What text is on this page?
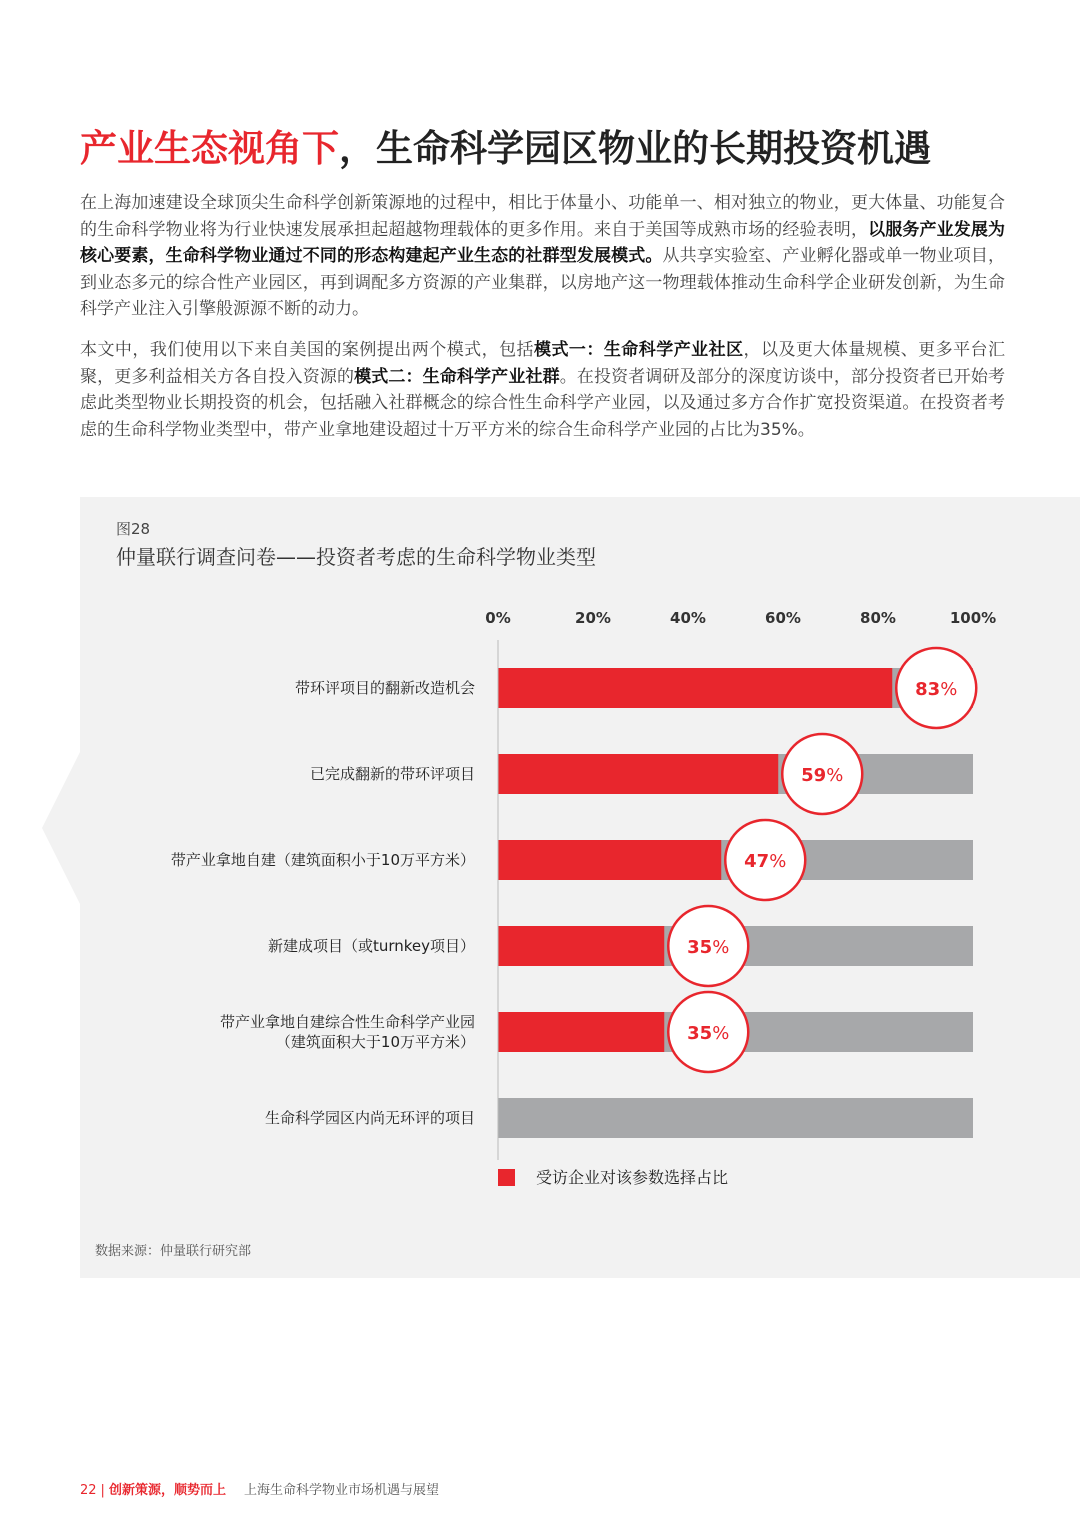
产业生态视角下，生命科学园区物业的长期投资机遇
在上海加速建设全球顶尖生命科学创新策源地的过程中，相比于体量小、功能单一、相对独立的物业，更大体量、功能复合的生命科学物业将为行业快速发展承担起超越物理载体的更多作用。来自于美国等成熟市场的经验表明，以服务产业发展为核心要素，生命科学物业通过不同的形态构建起产业生态的社群型发展模式。从共享实验室、产业孵化器或单一物业项目，到业态多元的综合性产业园区，再到调配多方资源的产业集群，以房地产这一物理载体推动生命科学企业研发创新，为生命科学产业注入引擎般源源不断的动力。
本文中，我们使用以下来自美国的案例提出两个模式，包括模式一：生命科学产业社区，以及更大体量规模、更多平台汇聚，更多利益相关方各自投入资源的模式二：生命科学产业社群。在投资者调研及部分的深度访谈中，部分投资者已开始考虑此类型物业长期投资的机会，包括融入社群概念的综合性生命科学产业园，以及通过多方合作扩宽投资渠道。在投资者考虑的生命科学物业类型中，带产业拿地建设超过十万平方米的综合生命科学产业园的占比为35%。
图28
仲量联行调查问卷——投资者考虑的生命科学物业类型
0%	20%	40%	60%	80%	100%
带环评项目的翻新改造机会	83%
已完成翻新的带环评项目	59%
带产业拿地自建（建筑面积小于10万平方米）	47%
新建成项目（或turnkey项目）	35%
带产业拿地自建综合性生命科学产业园（建筑面积大于10万平方米）	35%
生命科学园区内尚无环评的项目
受访企业对该参数选择占比
数据来源：仲量联行研究部
22 | 创新策源，顺势而上 上海生命科学物业市场机遇与展望
